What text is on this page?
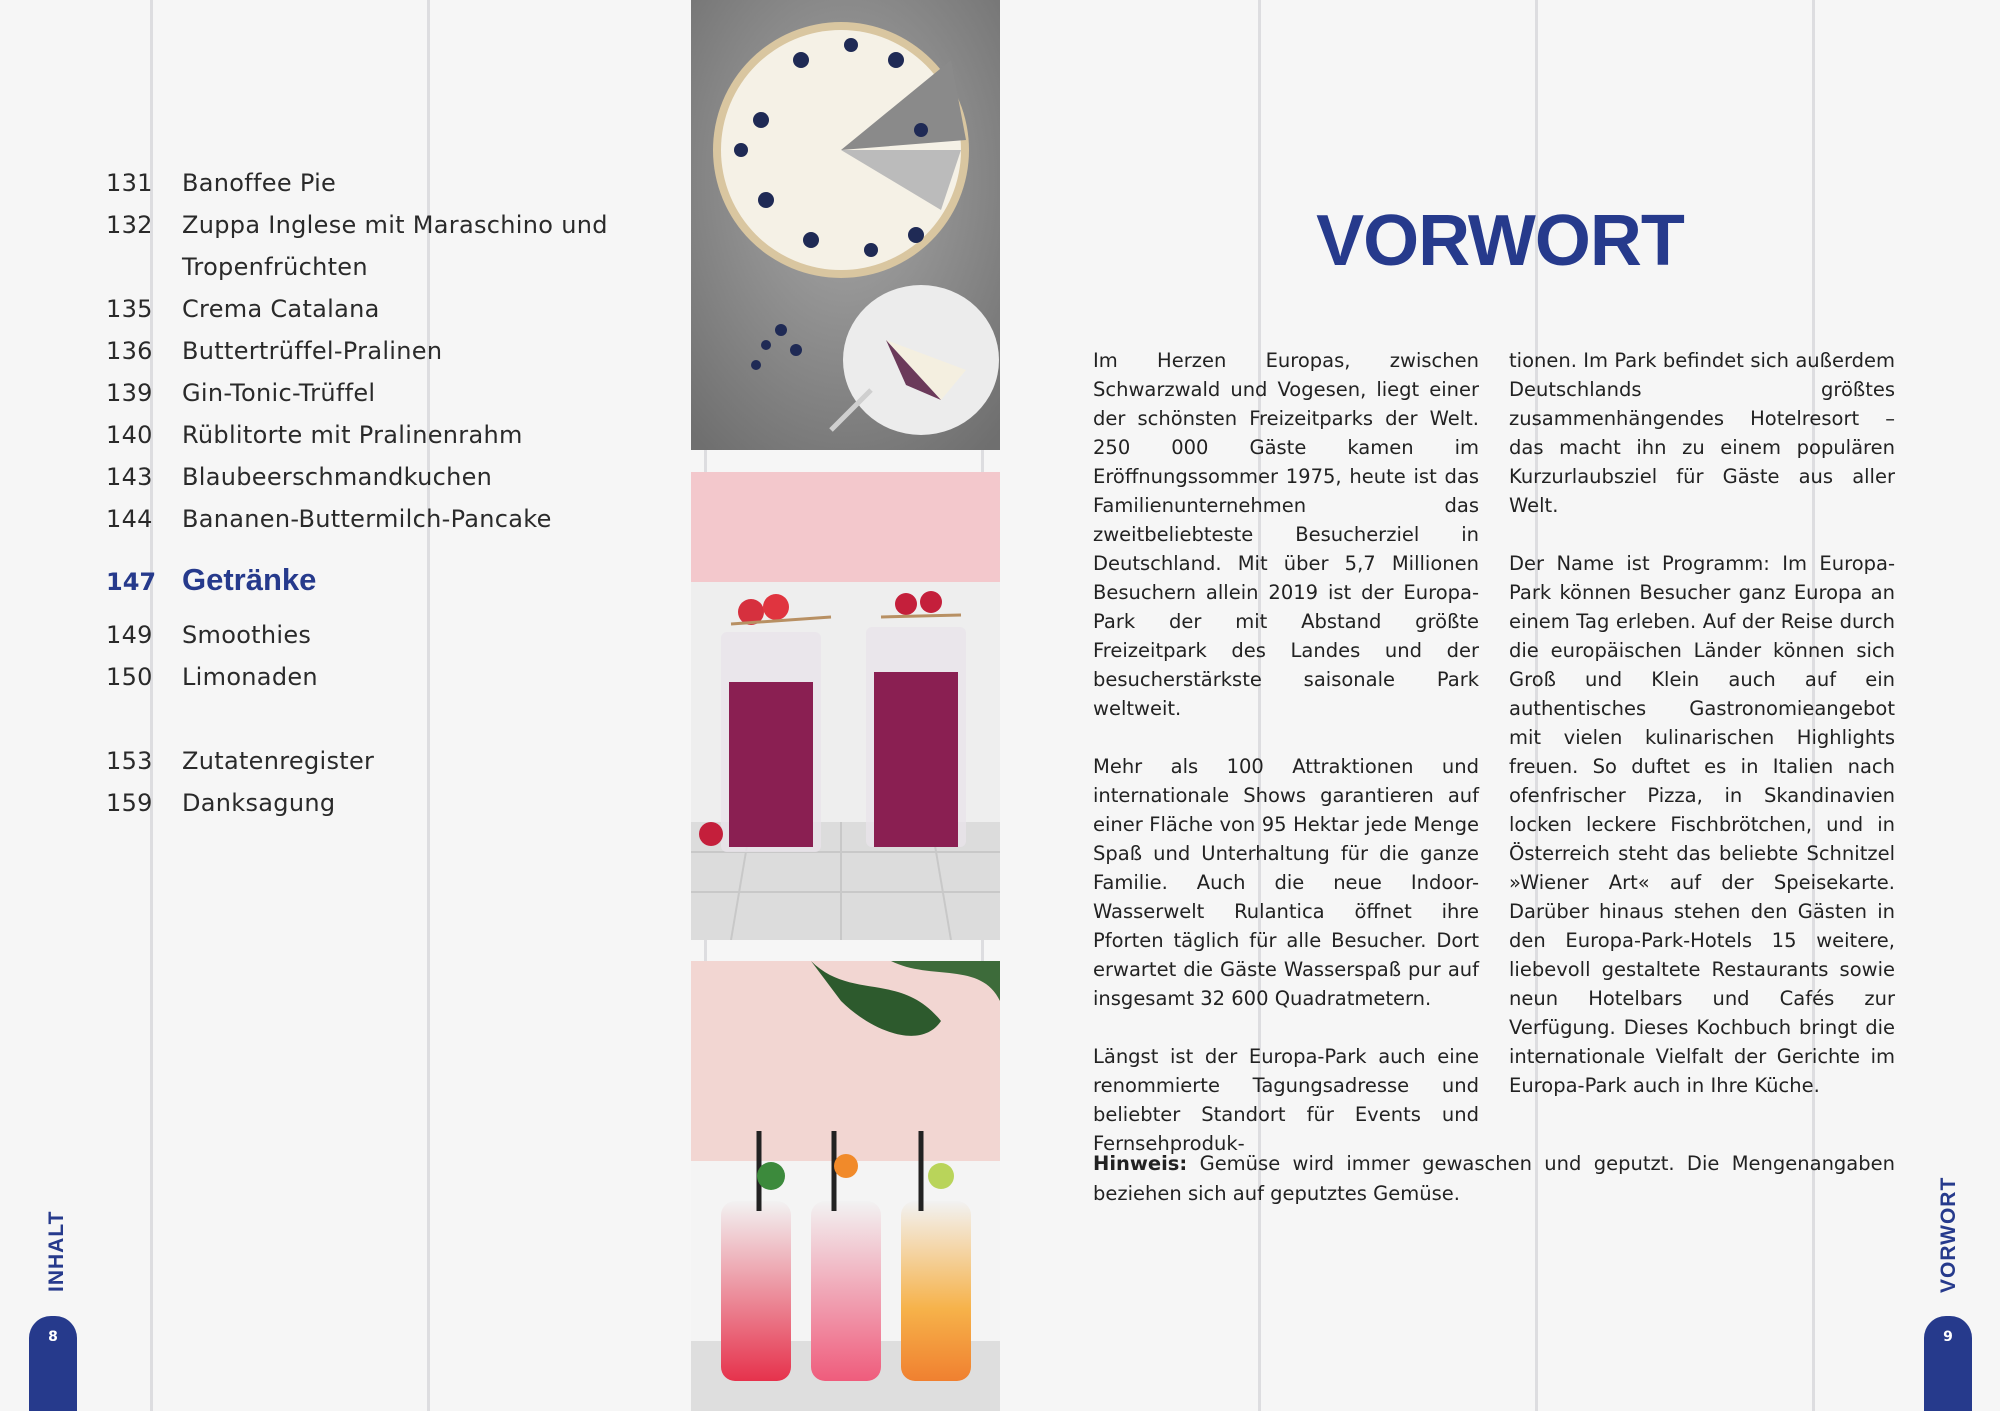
131	Banoffee Pie
132	Zuppa Inglese mit Maraschino und
Tropenfrüchten
135	Crema Catalana
136	Buttertrüffel-Pralinen
139	Gin-Tonic-Trüffel
140	Rüblitorte mit Pralinenrahm
143	Blaubeerschmandkuchen
144	Bananen-Buttermilch-Pancake
147 Getränke
149	Smoothies
150	Limonaden
153	Zutatenregister
159	Danksagung
INHALT
8
VORWORT

Im Herzen Europas, zwischen Schwarzwald und Vogesen, liegt einer der schönsten Freizeitparks der Welt. 250 000 Gäste kamen im Eröffnungssommer 1975, heute ist das Familienunternehmen das zweitbeliebteste Besucherziel in Deutschland. Mit über 5,7 Millionen Besuchern allein 2019 ist der Europa-Park der mit Abstand größte Freizeitpark des Landes und der besucherstärkste saisonale Park weltweit.

Mehr als 100 Attraktionen und internationale Shows garantieren auf einer Fläche von 95 Hektar jede Menge Spaß und Unterhaltung für die ganze Familie. Auch die neue Indoor-Wasserwelt Rulantica öffnet ihre Pforten täglich für alle Besucher. Dort erwartet die Gäste Wasserspaß pur auf insgesamt 32 600 Quadratmetern.

Längst ist der Europa-Park auch eine renommierte Tagungsadresse und beliebter Standort für Events und Fernsehproduk-

tionen. Im Park befindet sich außerdem Deutschlands größtes zusammenhängendes Hotelresort – das macht ihn zu einem populären Kurzurlaubsziel für Gäste aus aller Welt.

Der Name ist Programm: Im Europa-Park können Besucher ganz Europa an einem Tag erleben. Auf der Reise durch die europäischen Länder können sich Groß und Klein auch auf ein authentisches Gastronomieangebot mit vielen kulinarischen Highlights freuen. So duftet es in Italien nach ofenfrischer Pizza, in Skandinavien locken leckere Fischbrötchen, und in Österreich steht das beliebte Schnitzel »Wiener Art« auf der Speisekarte. Darüber hinaus stehen den Gästen in den Europa-Park-Hotels 15 weitere, liebevoll gestaltete Restaurants sowie neun Hotelbars und Cafés zur Verfügung. Dieses Kochbuch bringt die internationale Vielfalt der Gerichte im Europa-Park auch in Ihre Küche.

Hinweis: Gemüse wird immer gewaschen und geputzt. Die Mengenangaben beziehen sich auf geputztes Gemüse.	VORWORT
9
